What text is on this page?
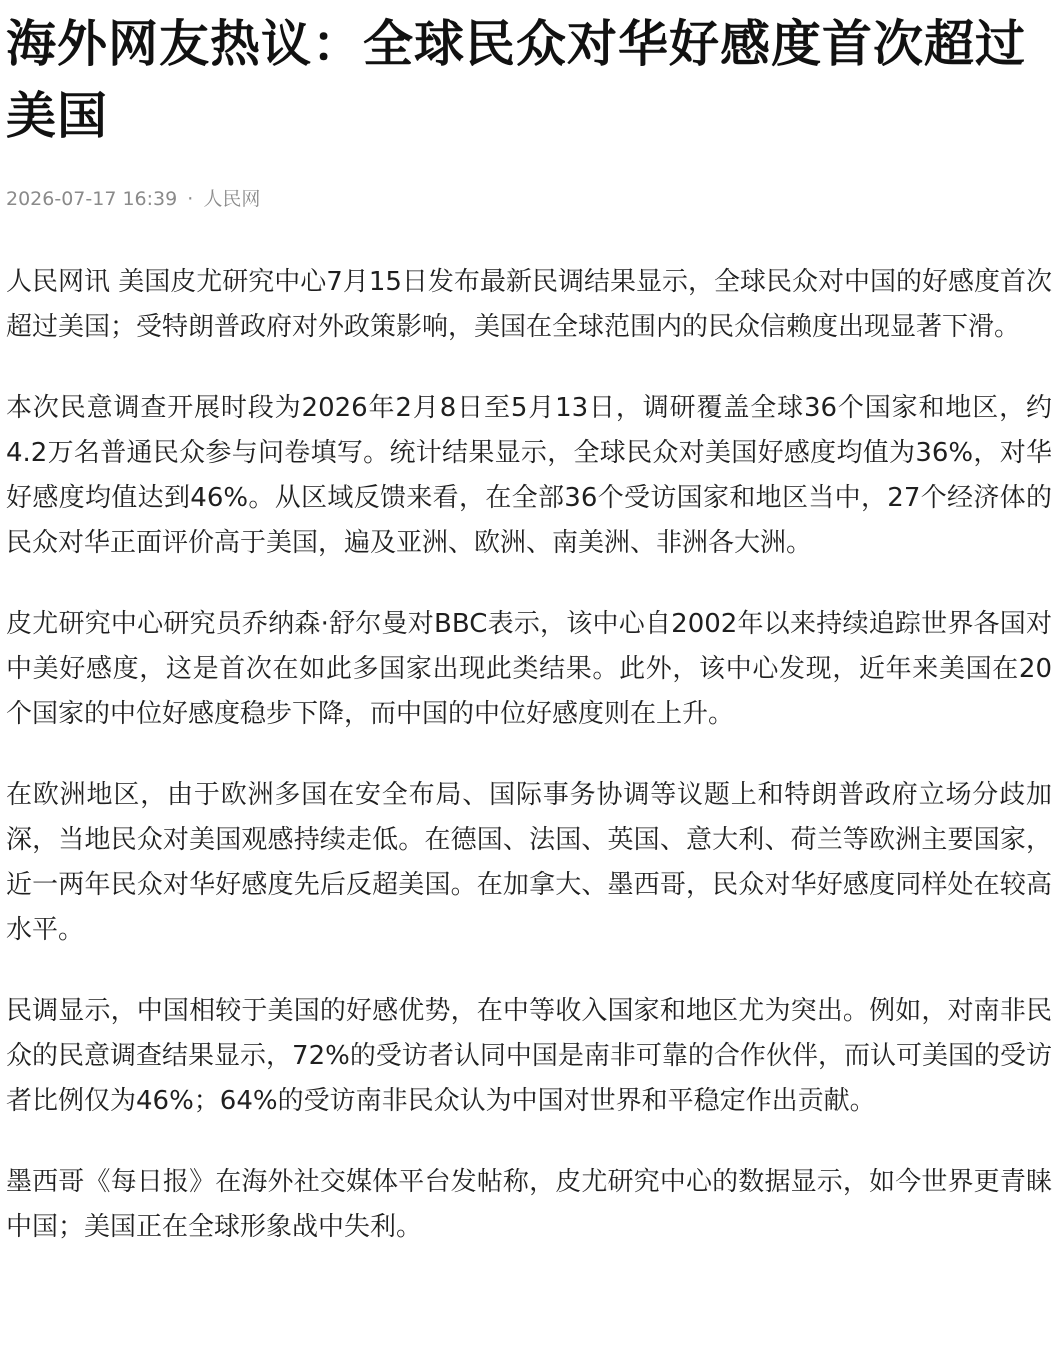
海外网友热议：全球民众对华好感度首次超过美国
2026-07-17 16:39 · 人民网

人民网讯 美国皮尤研究中心7月15日发布最新民调结果显示，全球民众对中国的好感度首次超过美国；受特朗普政府对外政策影响，美国在全球范围内的民众信赖度出现显著下滑。

本次民意调查开展时段为2026年2月8日至5月13日，调研覆盖全球36个国家和地区，约4.2万名普通民众参与问卷填写。统计结果显示，全球民众对美国好感度均值为36%，对华好感度均值达到46%。从区域反馈来看，在全部36个受访国家和地区当中，27个经济体的民众对华正面评价高于美国，遍及亚洲、欧洲、南美洲、非洲各大洲。

皮尤研究中心研究员乔纳森·舒尔曼对BBC表示，该中心自2002年以来持续追踪世界各国对中美好感度，这是首次在如此多国家出现此类结果。此外，该中心发现，近年来美国在20个国家的中位好感度稳步下降，而中国的中位好感度则在上升。

在欧洲地区，由于欧洲多国在安全布局、国际事务协调等议题上和特朗普政府立场分歧加深，当地民众对美国观感持续走低。在德国、法国、英国、意大利、荷兰等欧洲主要国家，近一两年民众对华好感度先后反超美国。在加拿大、墨西哥，民众对华好感度同样处在较高水平。

民调显示，中国相较于美国的好感优势，在中等收入国家和地区尤为突出。例如，对南非民众的民意调查结果显示，72%的受访者认同中国是南非可靠的合作伙伴，而认可美国的受访者比例仅为46%；64%的受访南非民众认为中国对世界和平稳定作出贡献。

墨西哥《每日报》在海外社交媒体平台发帖称，皮尤研究中心的数据显示，如今世界更青睐中国；美国正在全球形象战中失利。
